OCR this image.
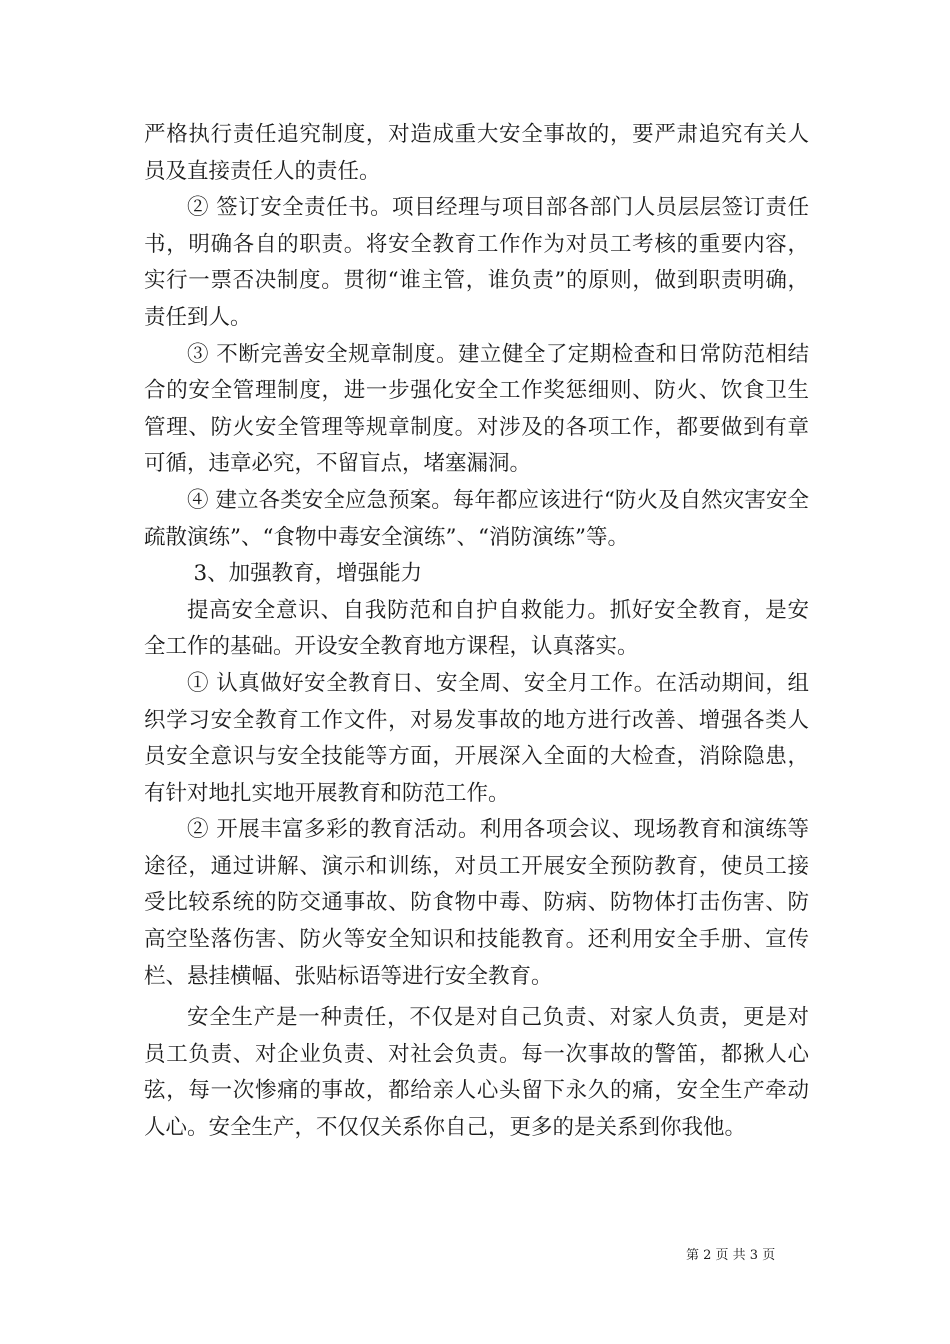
严格执行责任追究制度，对造成重大安全事故的，要严肃追究有关人员及直接责任人的责任。

② 签订安全责任书。项目经理与项目部各部门人员层层签订责任书，明确各自的职责。将安全教育工作作为对员工考核的重要内容，实行一票否决制度。贯彻“谁主管，谁负责”的原则，做到职责明确，责任到人。

③ 不断完善安全规章制度。建立健全了定期检查和日常防范相结合的安全管理制度，进一步强化安全工作奖惩细则、防火、饮食卫生管理、防火安全管理等规章制度。对涉及的各项工作，都要做到有章可循，违章必究，不留盲点，堵塞漏洞。

④ 建立各类安全应急预案。每年都应该进行“防火及自然灾害安全疏散演练”、“食物中毒安全演练”、“消防演练”等。

3、加强教育，增强能力

提高安全意识、自我防范和自护自救能力。抓好安全教育，是安全工作的基础。开设安全教育地方课程，认真落实。

① 认真做好安全教育日、安全周、安全月工作。在活动期间，组织学习安全教育工作文件，对易发事故的地方进行改善、增强各类人员安全意识与安全技能等方面，开展深入全面的大检查，消除隐患，有针对地扎实地开展教育和防范工作。

② 开展丰富多彩的教育活动。利用各项会议、现场教育和演练等途径，通过讲解、演示和训练，对员工开展安全预防教育，使员工接受比较系统的防交通事故、防食物中毒、防病、防物体打击伤害、防高空坠落伤害、防火等安全知识和技能教育。还利用安全手册、宣传栏、悬挂横幅、张贴标语等进行安全教育。

安全生产是一种责任，不仅是对自己负责、对家人负责，更是对员工负责、对企业负责、对社会负责。每一次事故的警笛，都揪人心弦，每一次惨痛的事故，都给亲人心头留下永久的痛，安全生产牵动人心。安全生产，不仅仅关系你自己，更多的是关系到你我他。

第 2 页 共 3 页
